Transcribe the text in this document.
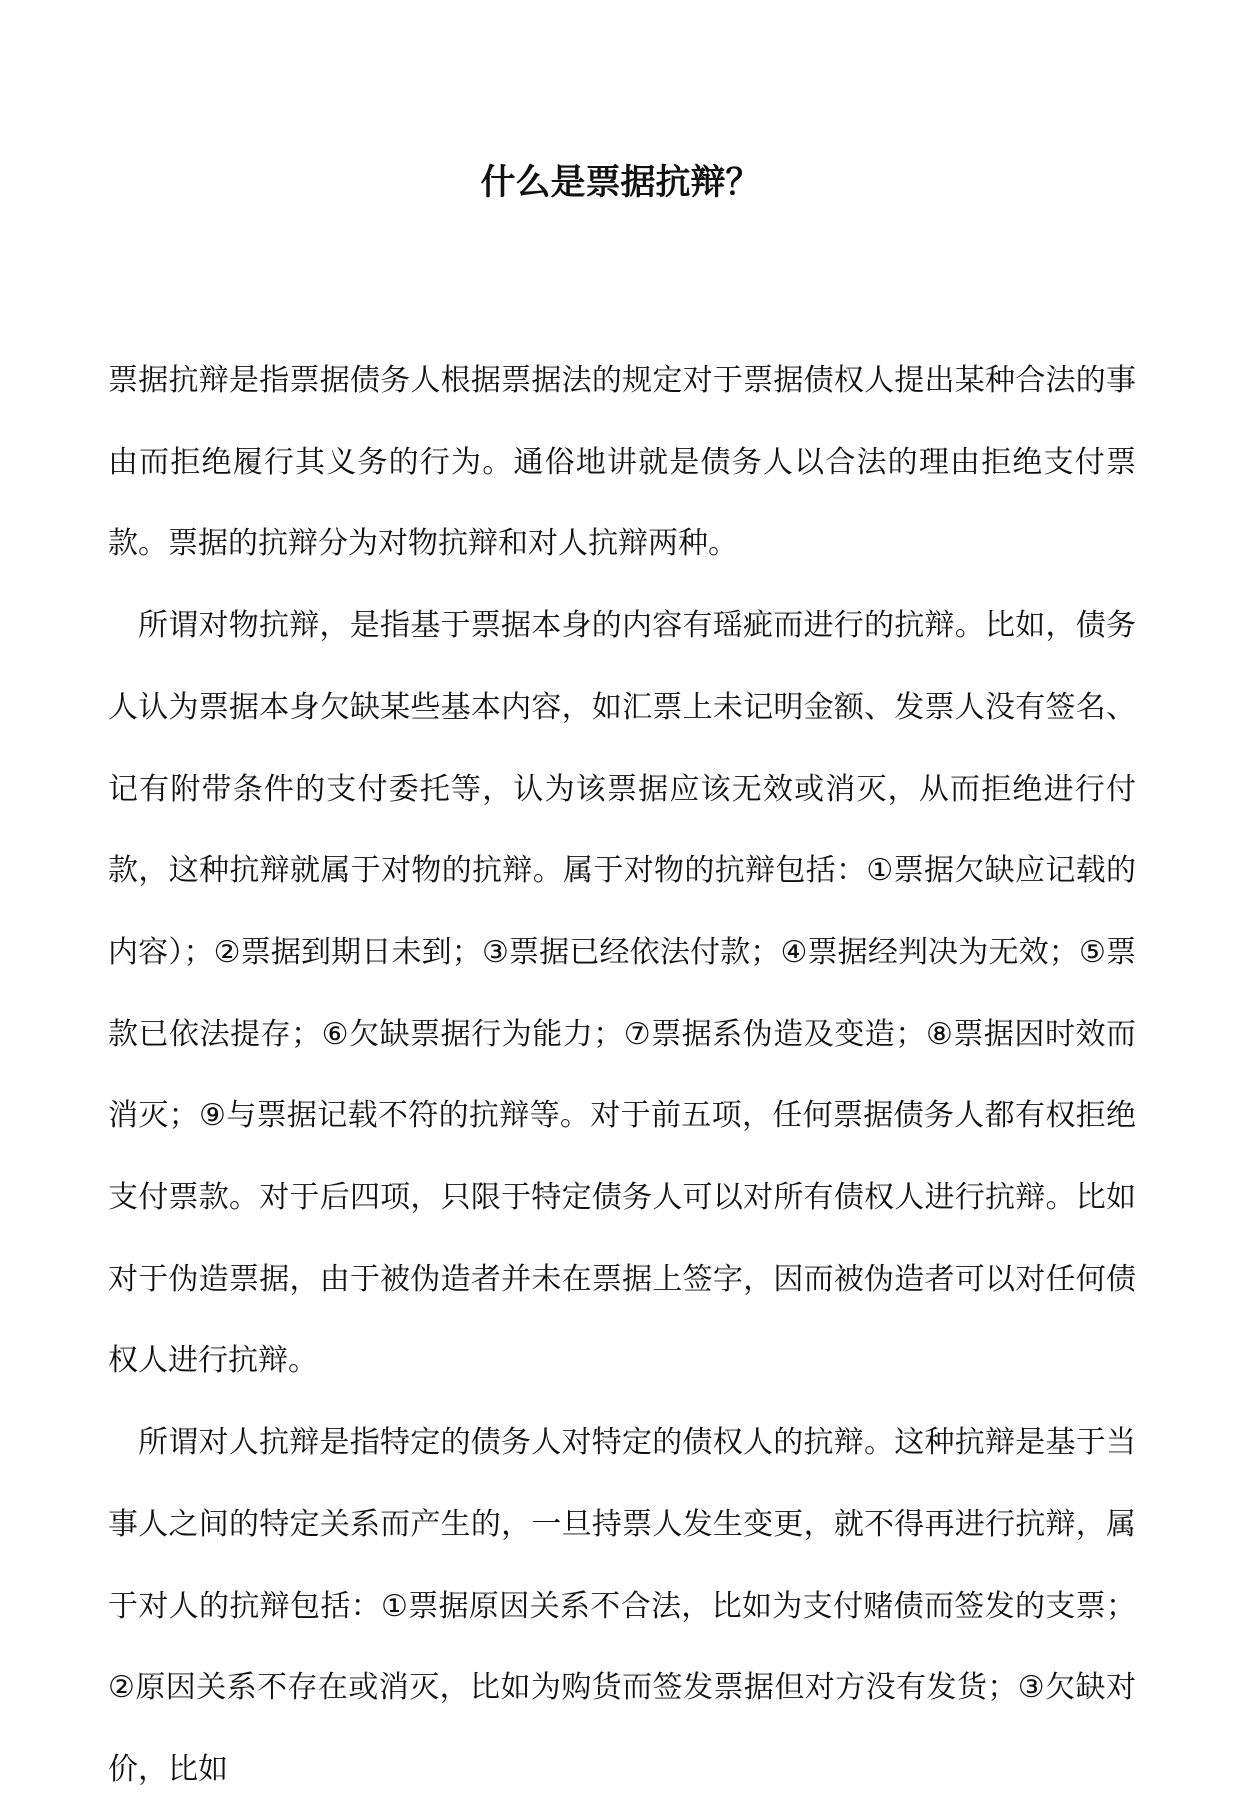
什么是票据抗辩？

票据抗辩是指票据债务人根据票据法的规定对于票据债权人提出某种合法的事由而拒绝履行其义务的行为。通俗地讲就是债务人以合法的理由拒绝支付票款。票据的抗辩分为对物抗辩和对人抗辩两种。

所谓对物抗辩，是指基于票据本身的内容有瑶疵而进行的抗辩。比如，债务人认为票据本身欠缺某些基本内容，如汇票上未记明金额、发票人没有签名、记有附带条件的支付委托等，认为该票据应该无效或消灭，从而拒绝进行付款，这种抗辩就属于对物的抗辩。属于对物的抗辩包括：①票据欠缺应记载的内容）；②票据到期日未到；③票据已经依法付款；④票据经判决为无效；⑤票款已依法提存；⑥欠缺票据行为能力；⑦票据系伪造及变造；⑧票据因时效而消灭；⑨与票据记载不符的抗辩等。对于前五项，任何票据债务人都有权拒绝支付票款。对于后四项，只限于特定债务人可以对所有债权人进行抗辩。比如对于伪造票据，由于被伪造者并未在票据上签字，因而被伪造者可以对任何债权人进行抗辩。

所谓对人抗辩是指特定的债务人对特定的债权人的抗辩。这种抗辩是基于当事人之间的特定关系而产生的，一旦持票人发生变更，就不得再进行抗辩，属于对人的抗辩包括：①票据原因关系不合法，比如为支付赌债而签发的支票；②原因关系不存在或消灭，比如为购货而签发票据但对方没有发货；③欠缺对价，比如
